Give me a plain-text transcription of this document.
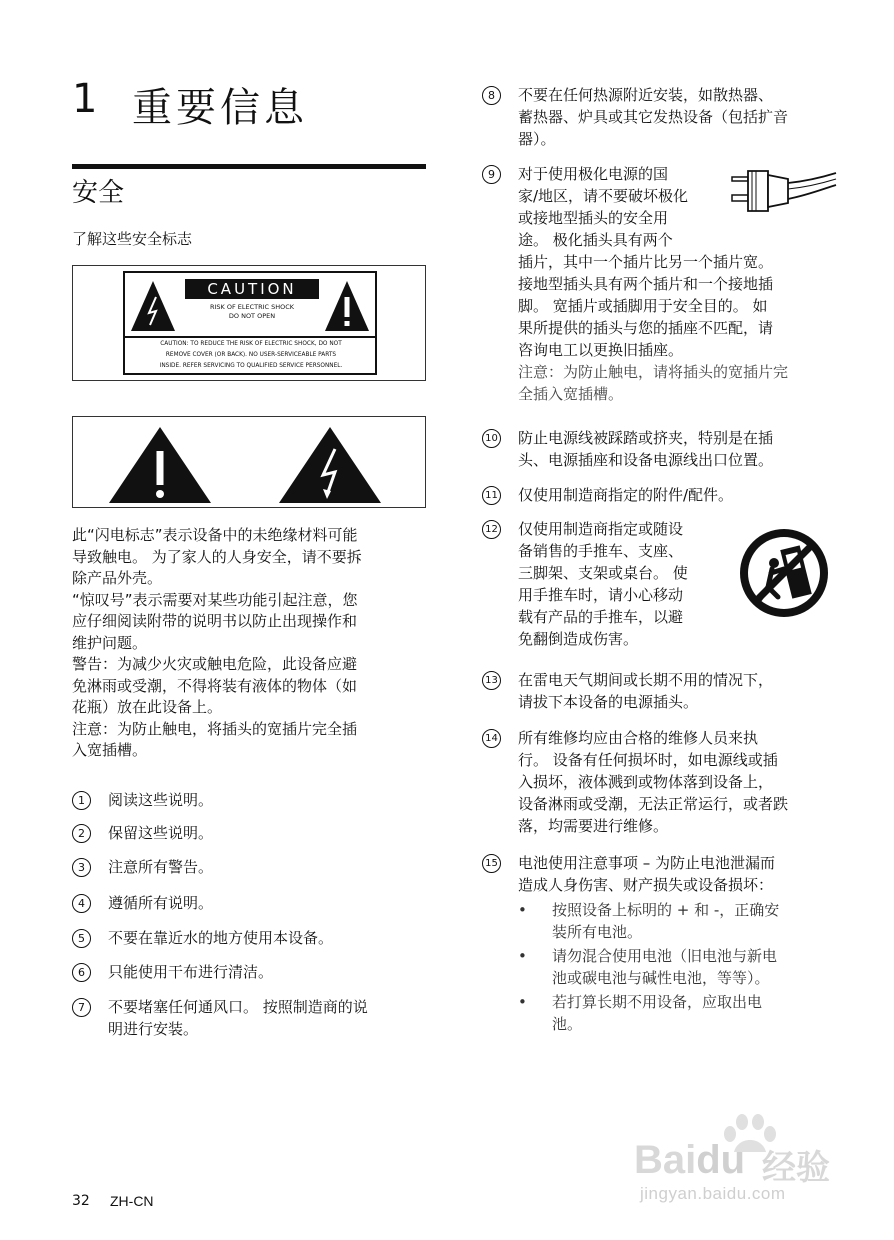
1 重要信息
安全
了解这些安全标志
CAUTION
RISK OF ELECTRIC SHOCK
DO NOT OPEN
CAUTION: TO REDUCE THE RISK OF ELECTRIC SHOCK, DO NOT
REMOVE COVER (OR BACK). NO USER-SERVICEABLE PARTS
INSIDE. REFER SERVICING TO QUALIFIED SERVICE PERSONNEL.

此“闪电标志”表示设备中的未绝缘材料可能
导致触电。 为了家人的人身安全，请不要拆
除产品外壳。

“惊叹号”表示需要对某些功能引起注意，您
应仔细阅读附带的说明书以防止出现操作和
维护问题。

警告：为减少火灾或触电危险，此设备应避
免淋雨或受潮，不得将装有液体的物体（如
花瓶）放在此设备上。

注意：为防止触电，将插头的宽插片完全插
入宽插槽。

1	阅读这些说明。
2	保留这些说明。
3	注意所有警告。
4	遵循所有说明。
5	不要在靠近水的地方使用本设备。
6	只能使用干布进行清洁。
7	不要堵塞任何通风口。 按照制造商的说
明进行安装。
8	不要在任何热源附近安装，如散热器、
蓄热器、炉具或其它发热设备（包括扩音
器）。
9	对于使用极化电源的国
家/地区，请不要破坏极化
或接地型插头的安全用
途。 极化插头具有两个
插片，其中一个插片比另一个插片宽。
接地型插头具有两个插片和一个接地插
脚。 宽插片或插脚用于安全目的。 如
果所提供的插头与您的插座不匹配，请
咨询电工以更换旧插座。
注意：为防止触电，请将插头的宽插片完
全插入宽插槽。
10 防止电源线被踩踏或挤夹，特别是在插
头、电源插座和设备电源线出口位置。
11 仅使用制造商指定的附件/配件。
12 仅使用制造商指定或随设
备销售的手推车、支座、
三脚架、支架或桌台。 使
用手推车时，请小心移动
载有产品的手推车，以避
免翻倒造成伤害。
13 在雷电天气期间或长期不用的情况下，
请拔下本设备的电源插头。
14 所有维修均应由合格的维修人员来执
行。 设备有任何损坏时，如电源线或插
入损坏，液体溅到或物体落到设备上，
设备淋雨或受潮，无法正常运行，或者跌
落，均需要进行维修。
15 电池使用注意事项 – 为防止电池泄漏而
造成人身伤害、财产损失或设备损坏：
• 按照设备上标明的 + 和 -，正确安
装所有电池。
• 请勿混合使用电池（旧电池与新电
池或碳电池与碱性电池，等等）。
• 若打算长期不用设备，应取出电
池。
Baidu 经验
jingyan.baidu.com
32 ZH-CN
